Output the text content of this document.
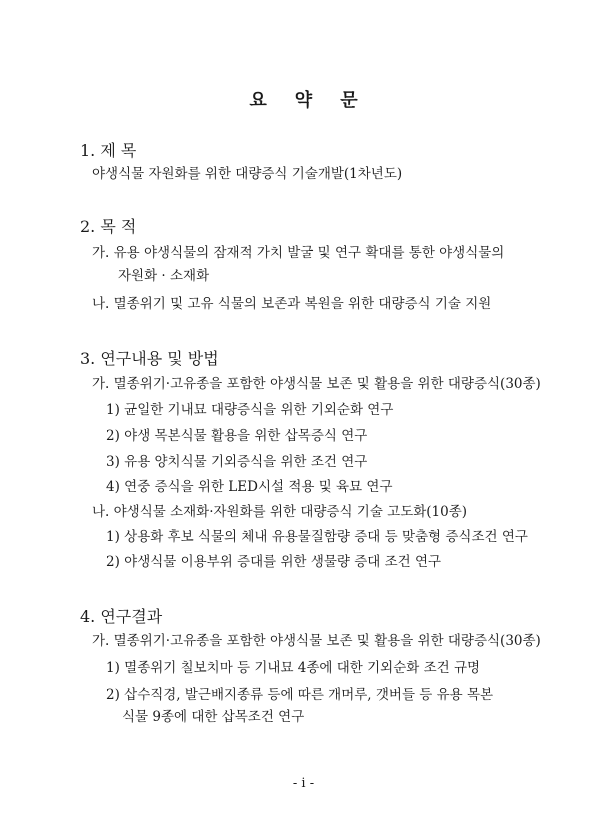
요 약 문
1. 제 목
야생식물 자원화를 위한 대량증식 기술개발(1차년도)
2. 목 적
가. 유용 야생식물의 잠재적 가치 발굴 및 연구 확대를 통한 야생식물의
자원화 · 소재화
나. 멸종위기 및 고유 식물의 보존과 복원을 위한 대량증식 기술 지원
3. 연구내용 및 방법
가. 멸종위기·고유종을 포함한 야생식물 보존 및 활용을 위한 대량증식(30종)
1) 균일한 기내묘 대량증식을 위한 기외순화 연구
2) 야생 목본식물 활용을 위한 삽목증식 연구
3) 유용 양치식물 기외증식을 위한 조건 연구
4) 연중 증식을 위한 LED시설 적용 및 육묘 연구
나. 야생식물 소재화·자원화를 위한 대량증식 기술 고도화(10종)
1) 상용화 후보 식물의 체내 유용물질함량 증대 등 맞춤형 증식조건 연구
2) 야생식물 이용부위 증대를 위한 생물량 증대 조건 연구
4. 연구결과
가. 멸종위기·고유종을 포함한 야생식물 보존 및 활용을 위한 대량증식(30종)
1) 멸종위기 칠보치마 등 기내묘 4종에 대한 기외순화 조건 규명
2) 삽수직경, 발근배지종류 등에 따른 개머루, 갯버들 등 유용 목본
식물 9종에 대한 삽목조건 연구
- i -
